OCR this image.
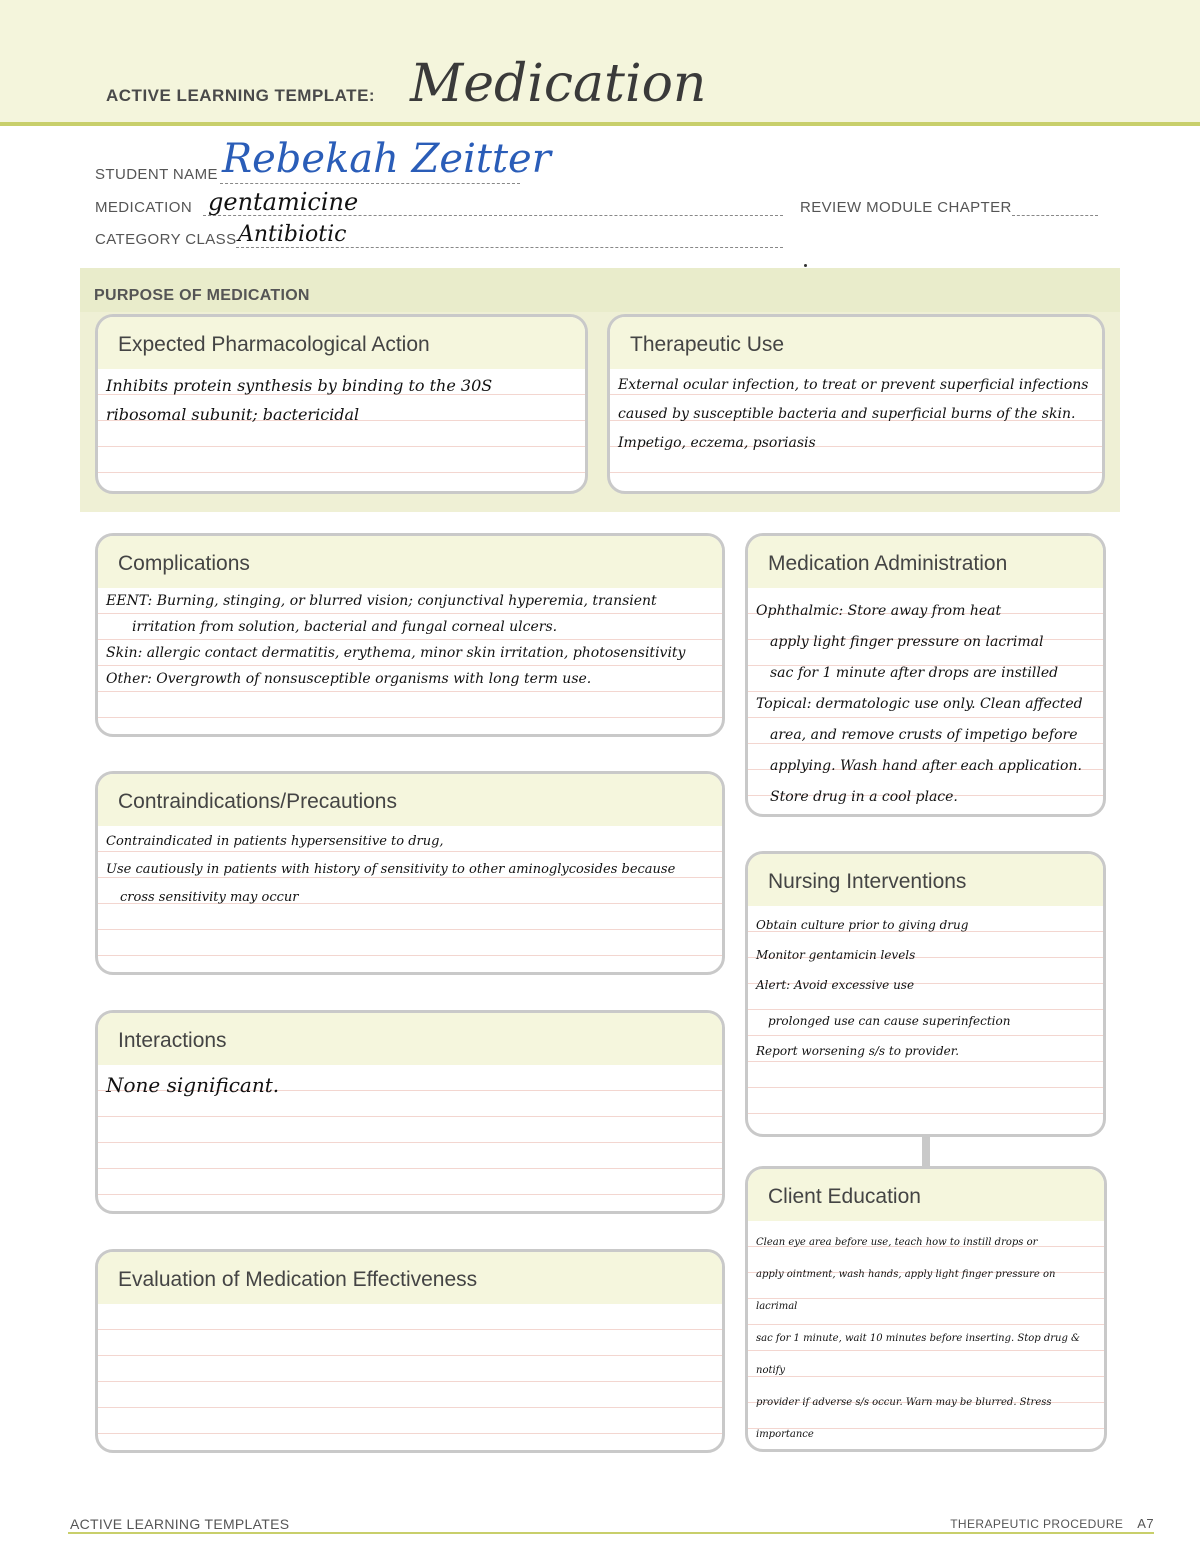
ACTIVE LEARNING TEMPLATE: Medication
STUDENT NAME Rebekah Zeitter
MEDICATION gentamicine	REVIEW MODULE CHAPTER
CATEGORY CLASS Antibiotic
PURPOSE OF MEDICATION
Expected Pharmacological Action
Inhibits protein synthesis by binding to the 30S ribosomal subunit; bactericidal
Therapeutic Use
External ocular infection, to treat or prevent superficial infections caused by susceptible bacteria and superficial burns of the skin. Impetigo, eczema, psoriasis
Complications
EENT: Burning, stinging, or blurred vision; conjunctival hyperemia, transient
irritation from solution, bacterial and fungal corneal ulcers.
Skin: allergic contact dermatitis, erythema, minor skin irritation, photosensitivity
Other: Overgrowth of nonsusceptible organisms with long term use.
Medication Administration
Ophthalmic: Store away from heat
apply light finger pressure on lacrimal
sac for 1 minute after drops are instilled
Topical: dermatologic use only. Clean affected
area, and remove crusts of impetigo before
applying. Wash hand after each application.
Store drug in a cool place.
Contraindications/Precautions
Contraindicated in patients hypersensitive to drug,
Use cautiously in patients with history of sensitivity to other aminoglycosides because
cross sensitivity may occur
Nursing Interventions
Obtain culture prior to giving drug
Monitor gentamicin levels
Alert: Avoid excessive use
prolonged use can cause superinfection
Report worsening s/s to provider.
Interactions
None significant.
Client Education
Clean eye area before use, teach how to instill drops or
apply ointment, wash hands, apply light finger pressure on lacrimal
sac for 1 minute, wait 10 minutes before inserting. Stop drug & notify
provider if adverse s/s occur. Warn may be blurred. Stress importance
Evaluation of Medication Effectiveness
ACTIVE LEARNING TEMPLATES	THERAPEUTIC PROCEDURE A7
